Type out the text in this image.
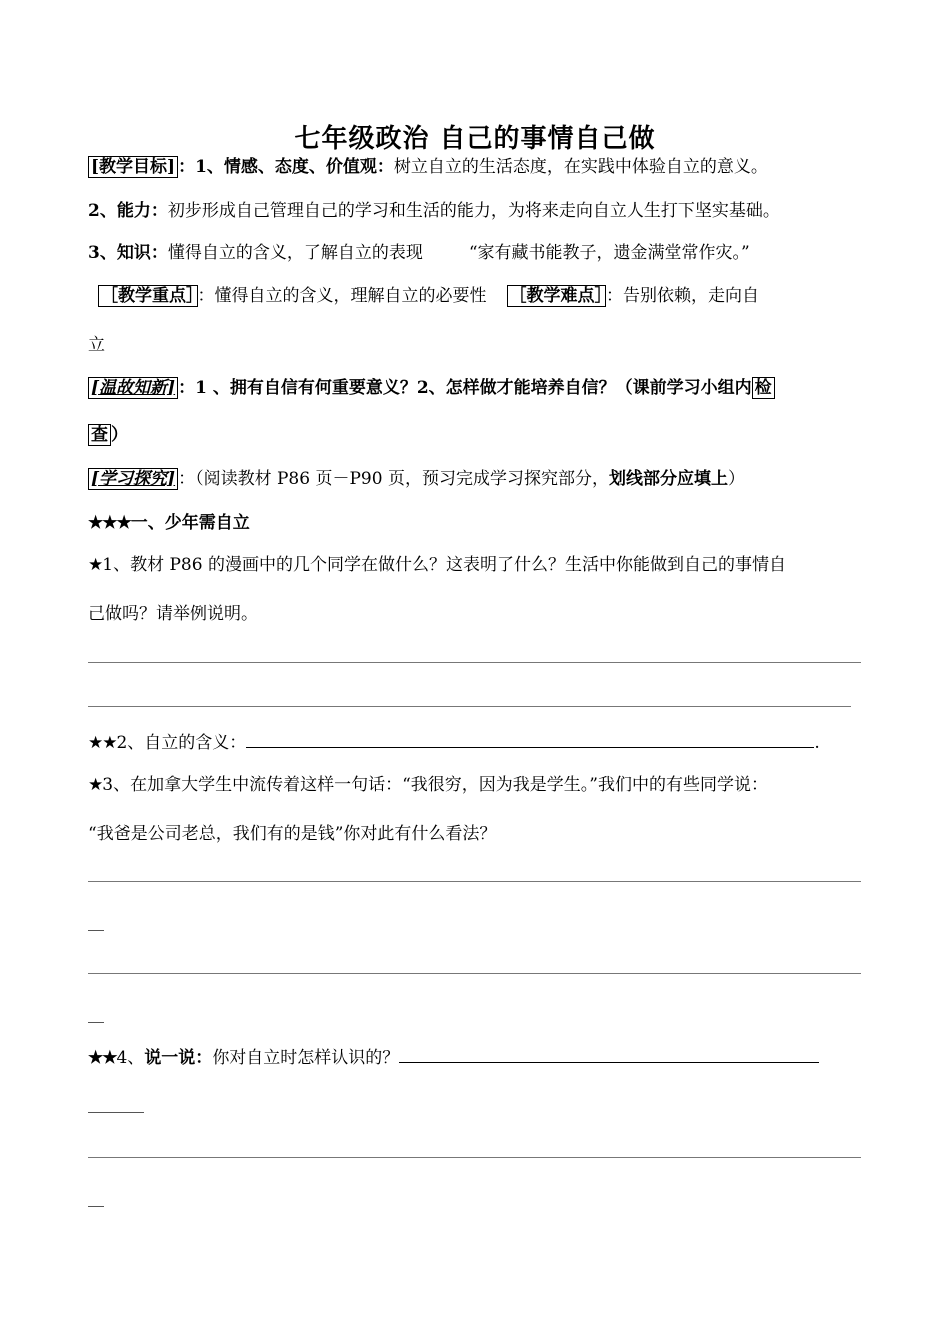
七年级政治 自己的事情自己做
[教学目标] ：1、情感、态度、价值观：树立自立的生活态度，在实践中体验自立的意义。
2、能力：初步形成自己管理自己的学习和生活的能力，为将来走向自立人生打下坚实基础。
3、知识：懂得自立的含义，了解自立的表现	“家有藏书能教子，遗金满堂常作灾。”
［教学重点］ ：懂得自立的含义，理解自立的必要性 ［教学难点］ ：告别依赖，走向自
立
[温故知新] ：1 、拥有自信有何重要意义？2、怎样做才能培养自信？（课前学习小组内 检
查 ）
[学习探究] ：（阅读教材 P86 页－P90 页，预习完成学习探究部分，划线部分应填上）
★★★一、少年需自立
★1、教材 P86 的漫画中的几个同学在做什么？这表明了什么？生活中你能做到自己的事情自
己做吗？请举例说明。
★★2、自立的含义：	.
★3、在加拿大学生中流传着这样一句话：“我很穷，因为我是学生。”我们中的有些同学说：
“我爸是公司老总，我们有的是钱”你对此有什么看法？
★★4、说一说：你对自立时怎样认识的？
